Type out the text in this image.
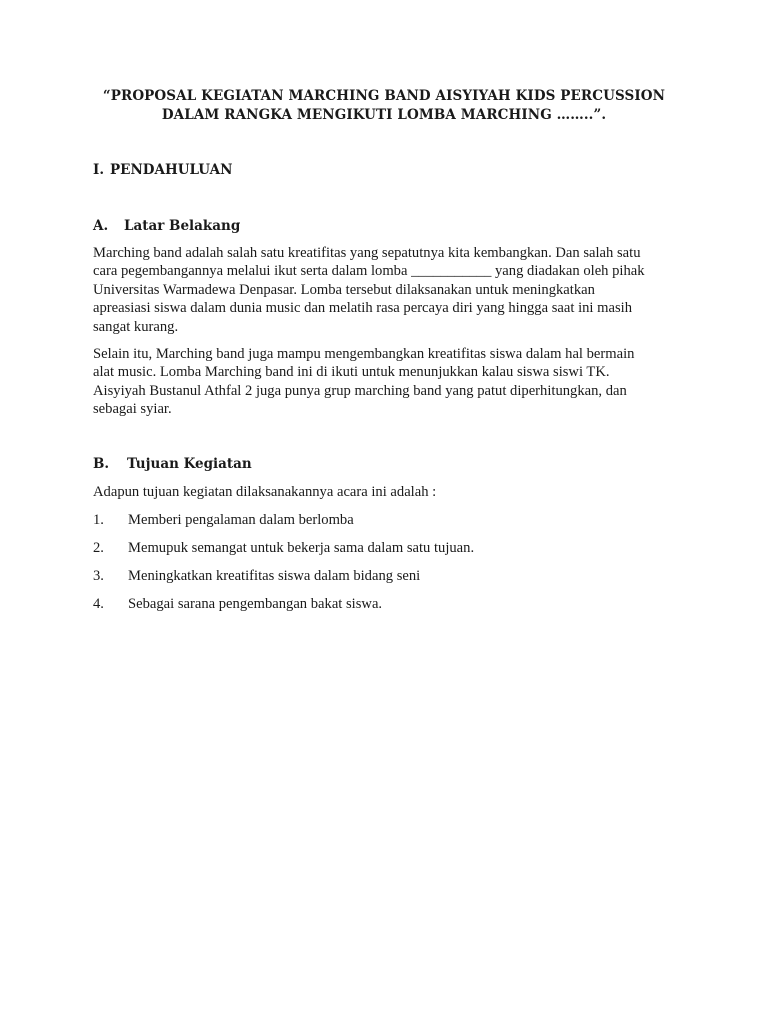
“PROPOSAL KEGIATAN MARCHING BAND AISYIYAH KIDS PERCUSSION
DALAM RANGKA MENGIKUTI LOMBA MARCHING ……..”.
I. PENDAHULUAN
A. Latar Belakang
Marching band adalah salah satu kreatifitas yang sepatutnya kita kembangkan. Dan salah satu
cara pegembangannya melalui ikut serta dalam lomba ___________ yang diadakan oleh pihak
Universitas Warmadewa Denpasar. Lomba tersebut dilaksanakan untuk meningkatkan
apreasiasi siswa dalam dunia music dan melatih rasa percaya diri yang hingga saat ini masih
sangat kurang.
Selain itu, Marching band juga mampu mengembangkan kreatifitas siswa dalam hal bermain
alat music. Lomba Marching band ini di ikuti untuk menunjukkan kalau siswa siswi TK.
Aisyiyah Bustanul Athfal 2 juga punya grup marching band yang patut diperhitungkan, dan
sebagai syiar.
B. Tujuan Kegiatan
Adapun tujuan kegiatan dilaksanakannya acara ini adalah :
1. Memberi pengalaman dalam berlomba
2. Memupuk semangat untuk bekerja sama dalam satu tujuan.
3. Meningkatkan kreatifitas siswa dalam bidang seni
4. Sebagai sarana pengembangan bakat siswa.
